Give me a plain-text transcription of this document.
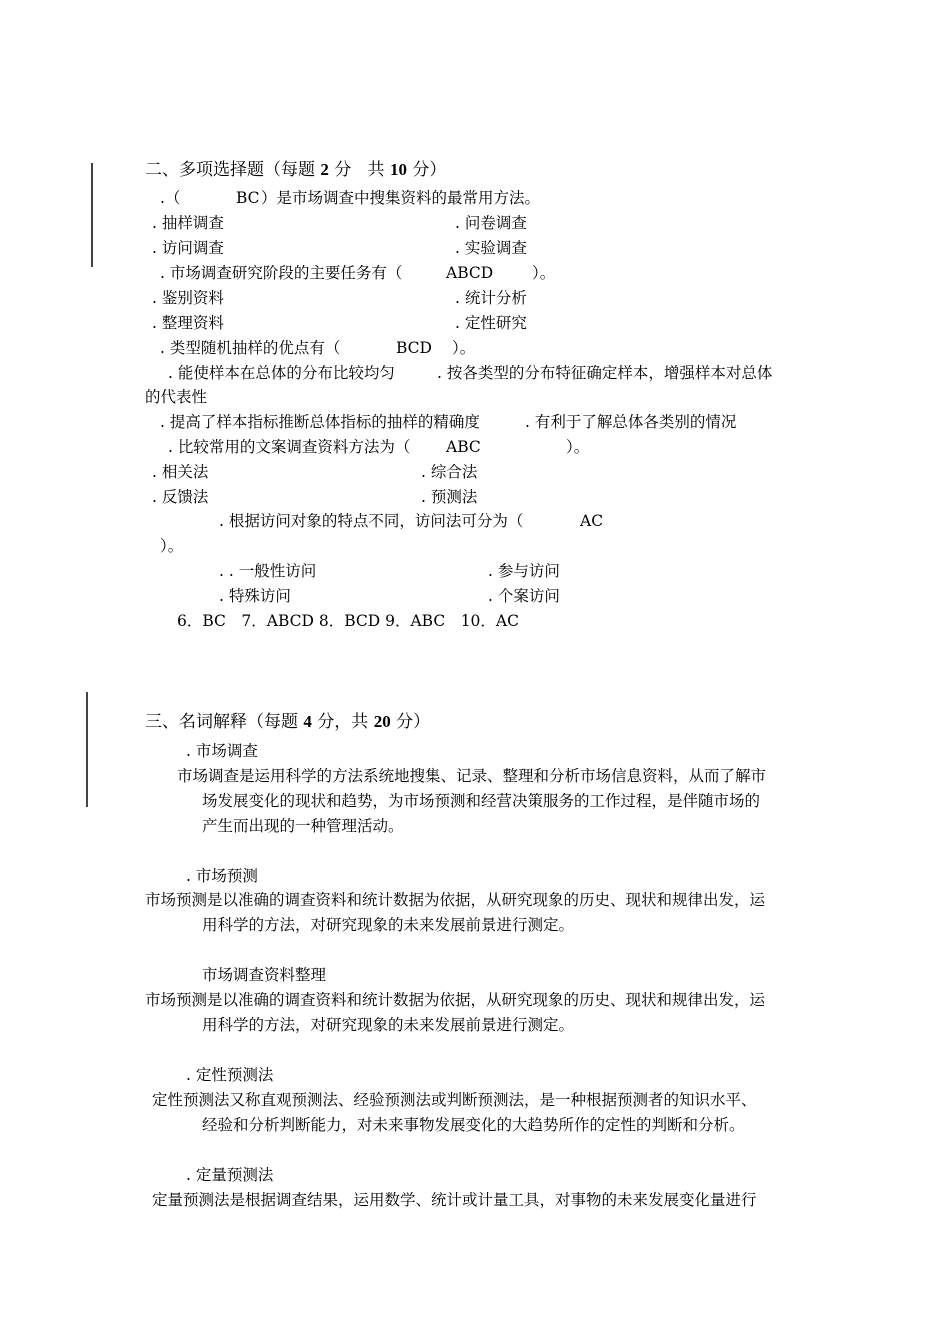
二、多项选择题（每题 2 分 共 10 分）
.（	BC ）是市场调查中搜集资料的最常用方法。
. 抽样调查	. 问卷调查
. 访问调查	. 实验调查
. 市场调查研究阶段的主要任务有（	ABCD	）。
. 鉴别资料	. 统计分析
. 整理资料	. 定性研究
. 类型随机抽样的优点有（	BCD ）。
. 能使样本在总体的分布比较均匀	. 按各类型的分布特征确定样本，增强样本对总体
的代表性
. 提高了样本指标推断总体指标的抽样的精确度	. 有利于了解总体各类别的情况
. 比较常用的文案调查资料方法为（ ABC	）。
. 相关法	. 综合法
. 反馈法	. 预测法
. 根据访问对象的特点不同，访问法可分为（	AC
）。
. . 一般性访问	. 参与访问
. 特殊访问	. 个案访问
6．BC　7．ABCD 8．BCD 9．ABC　10．AC
三、名词解释（每题 4 分，共 20 分）
. 市场调查
市场调查是运用科学的方法系统地搜集、记录、整理和分析市场信息资料，从而了解市
场发展变化的现状和趋势，为市场预测和经营决策服务的工作过程，是伴随市场的
产生而出现的一种管理活动。
. 市场预测
市场预测是以准确的调查资料和统计数据为依据，从研究现象的历史、现状和规律出发，运
用科学的方法，对研究现象的未来发展前景进行测定。
市场调查资料整理
市场预测是以准确的调查资料和统计数据为依据，从研究现象的历史、现状和规律出发，运
用科学的方法，对研究现象的未来发展前景进行测定。
. 定性预测法
定性预测法又称直观预测法、经验预测法或判断预测法，是一种根据预测者的知识水平、
经验和分析判断能力，对未来事物发展变化的大趋势所作的定性的判断和分析。
. 定量预测法
定量预测法是根据调查结果，运用数学、统计或计量工具，对事物的未来发展变化量进行
